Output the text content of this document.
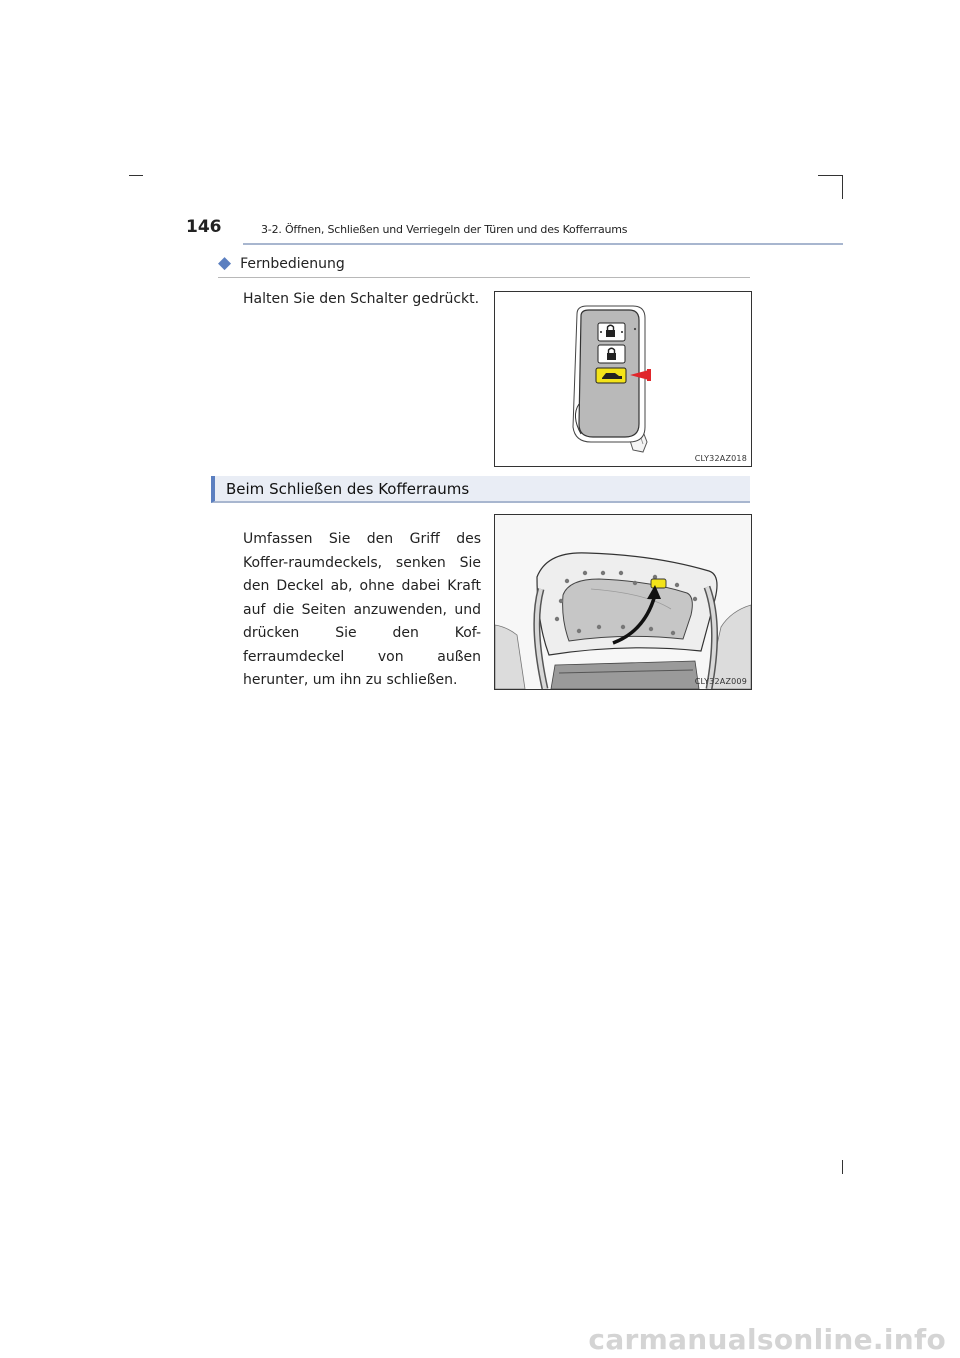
146	3-2. Öffnen, Schließen und Verriegeln der Türen und des Kofferraums
◆ Fernbedienung
Halten Sie den Schalter gedrückt.
CLY32AZ018
Beim Schließen des Kofferraums
Umfassen Sie den Griff des Koffer-raumdeckels, senken Sie den Deckel ab, ohne dabei Kraft auf die Seiten anzuwenden, und drücken Sie den Kof-ferraumdeckel von außen herunter, um ihn zu schließen.	CLY32AZ009
carmanualsonline.info
